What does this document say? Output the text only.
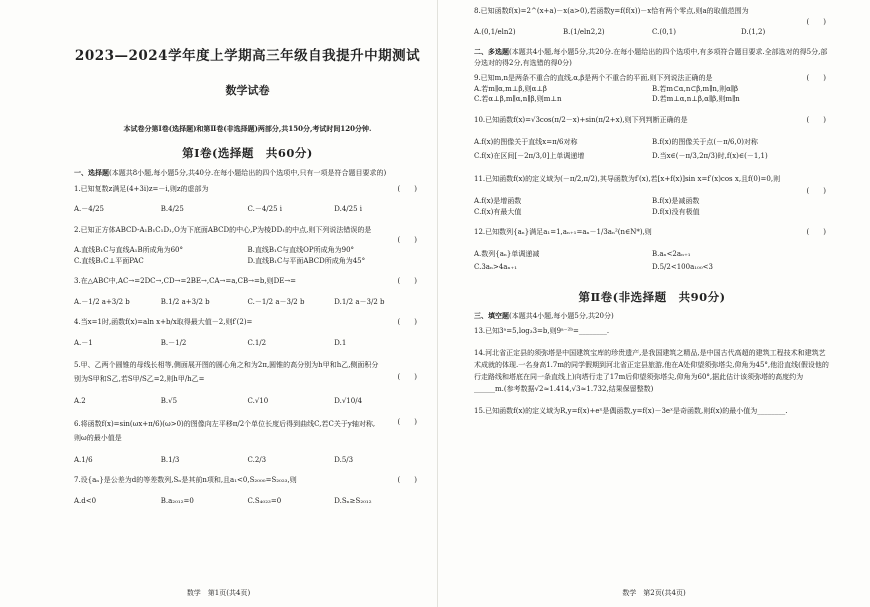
2023—2024学年度上学期高三年级自我提升中期测试
数学试卷
本试卷分第Ⅰ卷(选择题)和第Ⅱ卷(非选择题)两部分,共150分,考试时间120分钟.
第Ⅰ卷(选择题　共60分)
一、选择题(本题共8小题,每小题5分,共40分.在每小题给出的四个选项中,只有一项是符合题目要求的)
1.已知复数z满足(4+3i)z=－i,则z的虚部为	(　　)
A.－4/25	B.4/25	C.－4/25 i	D.4/25 i
2.已知正方体ABCD-A₁B₁C₁D₁,O为下底面ABCD的中心,P为棱DD₁的中点,则下列说法错误的是
(　　)
A.直线B₁C与直线A₁B所成角为60°	B.直线B₁C与直线OP所成角为90°
C.直线B₁C⊥平面PAC	D.直线B₁C与平面ABCD所成角为45°
3.在△ABC中,AC→=2DC→,CD→=2BE→,CA→=a,CB→=b,则DE→=	(　　)
A.－1/2 a+3/2 b	B.1/2 a+3/2 b	C.－1/2 a－3/2 b	D.1/2 a－3/2 b
4.当x=1时,函数f(x)=aln x+b/x取得最大值－2,则f′(2)=	(　　)
A.－1	B.－1/2	C.1/2	D.1
5.甲、乙两个圆锥的母线长相等,侧面展开图的圆心角之和为2π,圆锥的高分别为h甲和h乙,侧面积分别为S甲和S乙,若S甲/S乙=2,则h甲/h乙=	(　　)
A.2	B.√5	C.√10	D.√10/4
6.将函数f(x)=sin(ωx+π/6)(ω>0)的图像向左平移π/2个单位长度后得到曲线C,若C关于y轴对称,则ω的最小值是
(　　)
A.1/6	B.1/3	C.2/3	D.5/3
7.设{aₙ}是公差为d的等差数列,Sₙ是其前n项和,且a₁<0,S₂₀₀₀=S₂₀₂₃,则	(　　)
A.d<0	B.a₂₀₁₂=0	C.S₄₀₂₃=0	D.Sₙ≥S₂₀₁₂
数学　第1页(共4页)
8.已知函数f(x)=2^(x+a)－x(a>0),若函数y=f(f(x))－x恰有两个零点,则a的取值范围为
(　　)
A.(0,1/eln2)	B.(1/eln2,2)	C.(0,1)	D.(1,2)
二、多选题(本题共4小题,每小题5分,共20分.在每小题给出的四个选项中,有多项符合题目要求.全部选对的得5分,部分选对的得2分,有选错的得0分)
9.已知m,n是两条不重合的直线,α,β是两个不重合的平面,则下列说法正确的是	(　　)
A.若m∥α,m⊥β,则α⊥β	B.若m⊂α,n⊂β,m∥n,则α∥β
C.若α⊥β,m∥α,n∥β,则m⊥n	D.若m⊥α,n⊥β,α∥β,则m∥n
10.已知函数f(x)=√3cos(π/2－x)+sin(π/2+x),则下列判断正确的是	(　　)
A.f(x)的图像关于直线x=π/6对称	B.f(x)的图像关于点(－π/6,0)对称
C.f(x)在区间[－2π/3,0]上单调递增	D.当x∈(－π/3,2π/3)时,f(x)∈(－1,1)
11.已知函数f(x)的定义域为(－π/2,π/2),其导函数为f′(x),若[x+f(x)]sin x=f′(x)cos x,且f(0)=0,则
(　　)
A.f(x)是增函数	B.f(x)是减函数
C.f(x)有最大值	D.f(x)没有极值
12.已知数列{aₙ}满足a₁=1,aₙ₊₁=aₙ－1/3aₙ²(n∈N*),则	(　　)
A.数列{aₙ}单调递减	B.aₙ<2aₙ₊₁
C.3aₙ>4aₙ₊₁	D.5/2<100a₁₀₀<3
第Ⅱ卷(非选择题　共90分)
三、填空题(本题共4小题,每小题5分,共20分)
13.已知3ᵃ=5,log₃3=b,则9ᵃ⁻²ᵇ=________.
14.河北省正定县的须弥塔是中国建筑宝库的珍贵遗产,是我国建筑之精品,是中国古代高超的建筑工程技术和建筑艺术成就的体现.一名身高1.7m的同学假期到河北省正定县旅游,他在A处仰望须弥塔尖,仰角为45°,他沿直线(假设他的行走路线和塔底在同一条直线上)向塔行走了17m后仰望须弥塔尖,仰角为60°,据此估计该须弥塔的高度约为______m.(参考数据√2≈1.414,√3≈1.732,结果保留整数)
15.已知函数f(x)的定义域为R,y=f(x)+eˣ是偶函数,y=f(x)－3eˣ是奇函数,则f(x)的最小值为________.
数学　第2页(共4页)
